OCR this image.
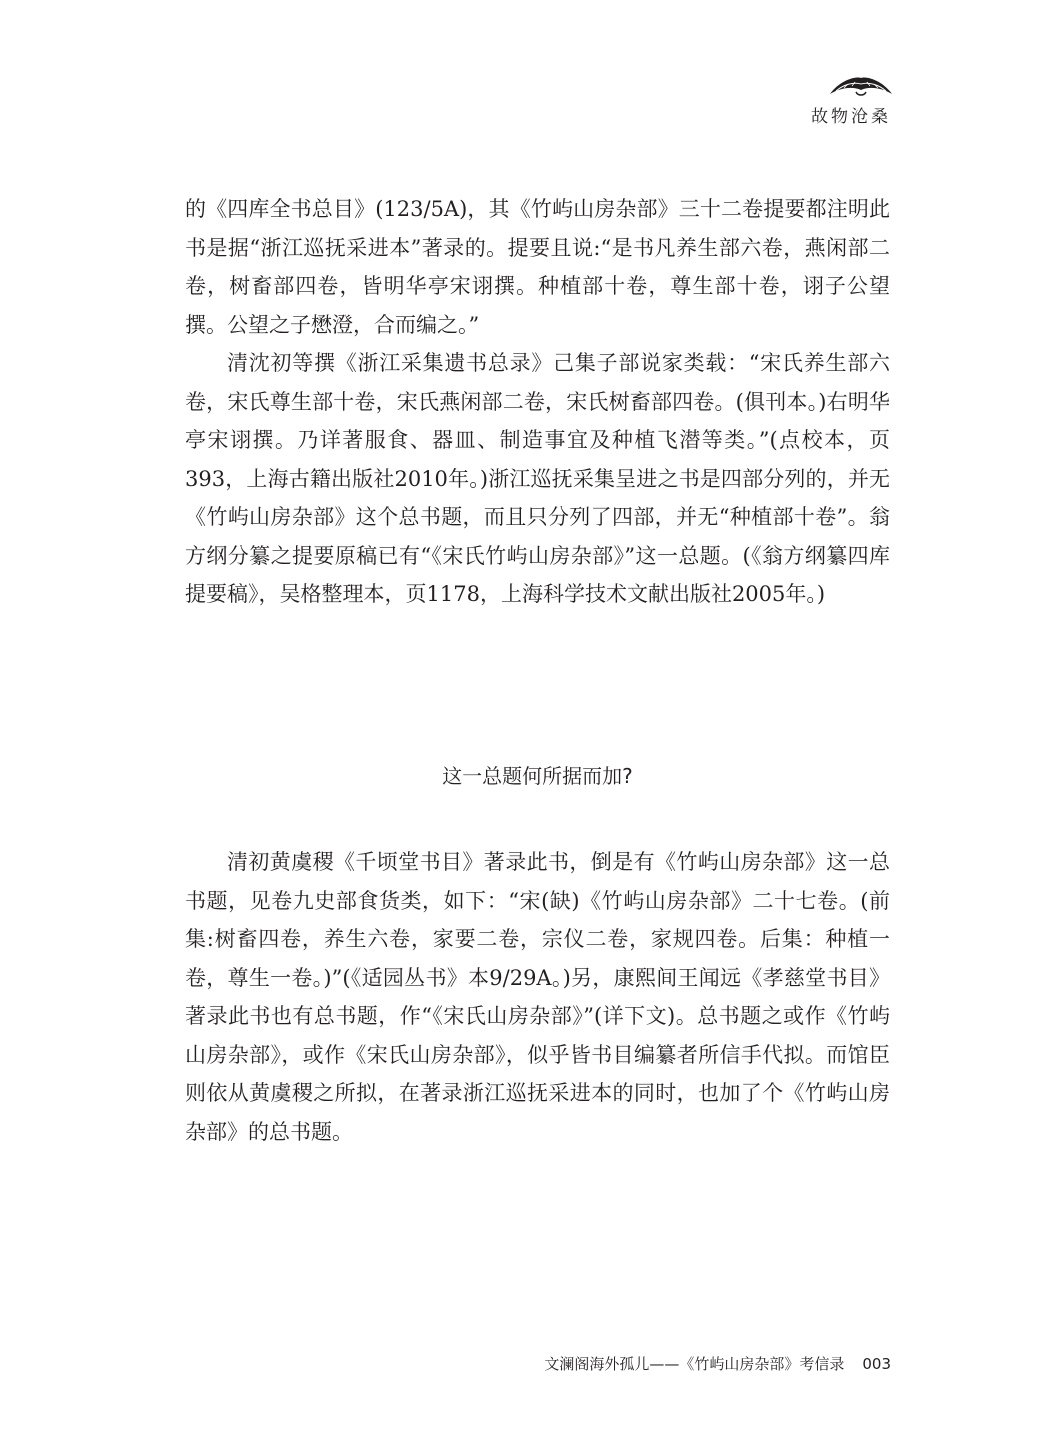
故物沧桑

的《四库全书总目》(123/5A)，其《竹屿山房杂部》三十二卷提要都注明此书是据“浙江巡抚采进本”著录的。提要且说:“是书凡养生部六卷，燕闲部二卷，树畜部四卷，皆明华亭宋诩撰。种植部十卷，尊生部十卷，诩子公望撰。公望之子懋澄，合而编之。”

清沈初等撰《浙江采集遗书总录》己集子部说家类载：“宋氏养生部六卷，宋氏尊生部十卷，宋氏燕闲部二卷，宋氏树畜部四卷。(俱刊本。)右明华亭宋诩撰。乃详著服食、器皿、制造事宜及种植飞潜等类。”(点校本，页393，上海古籍出版社2010年。)浙江巡抚采集呈进之书是四部分列的，并无《竹屿山房杂部》这个总书题，而且只分列了四部，并无“种植部十卷”。翁方纲分纂之提要原稿已有“《宋氏竹屿山房杂部》”这一总题。(《翁方纲纂四库提要稿》，吴格整理本，页1178，上海科学技术文献出版社2005年。)

这一总题何所据而加?

清初黄虞稷《千顷堂书目》著录此书，倒是有《竹屿山房杂部》这一总书题，见卷九史部食货类，如下：“宋(缺)《竹屿山房杂部》二十七卷。(前集:树畜四卷，养生六卷，家要二卷，宗仪二卷，家规四卷。后集：种植一卷，尊生一卷。)”(《适园丛书》本9/29A。)另，康熙间王闻远《孝慈堂书目》著录此书也有总书题，作“《宋氏山房杂部》”(详下文)。总书题之或作《竹屿山房杂部》，或作《宋氏山房杂部》，似乎皆书目编纂者所信手代拟。而馆臣则依从黄虞稷之所拟，在著录浙江巡抚采进本的同时，也加了个《竹屿山房杂部》的总书题。

文澜阁海外孤儿——《竹屿山房杂部》考信录 003
